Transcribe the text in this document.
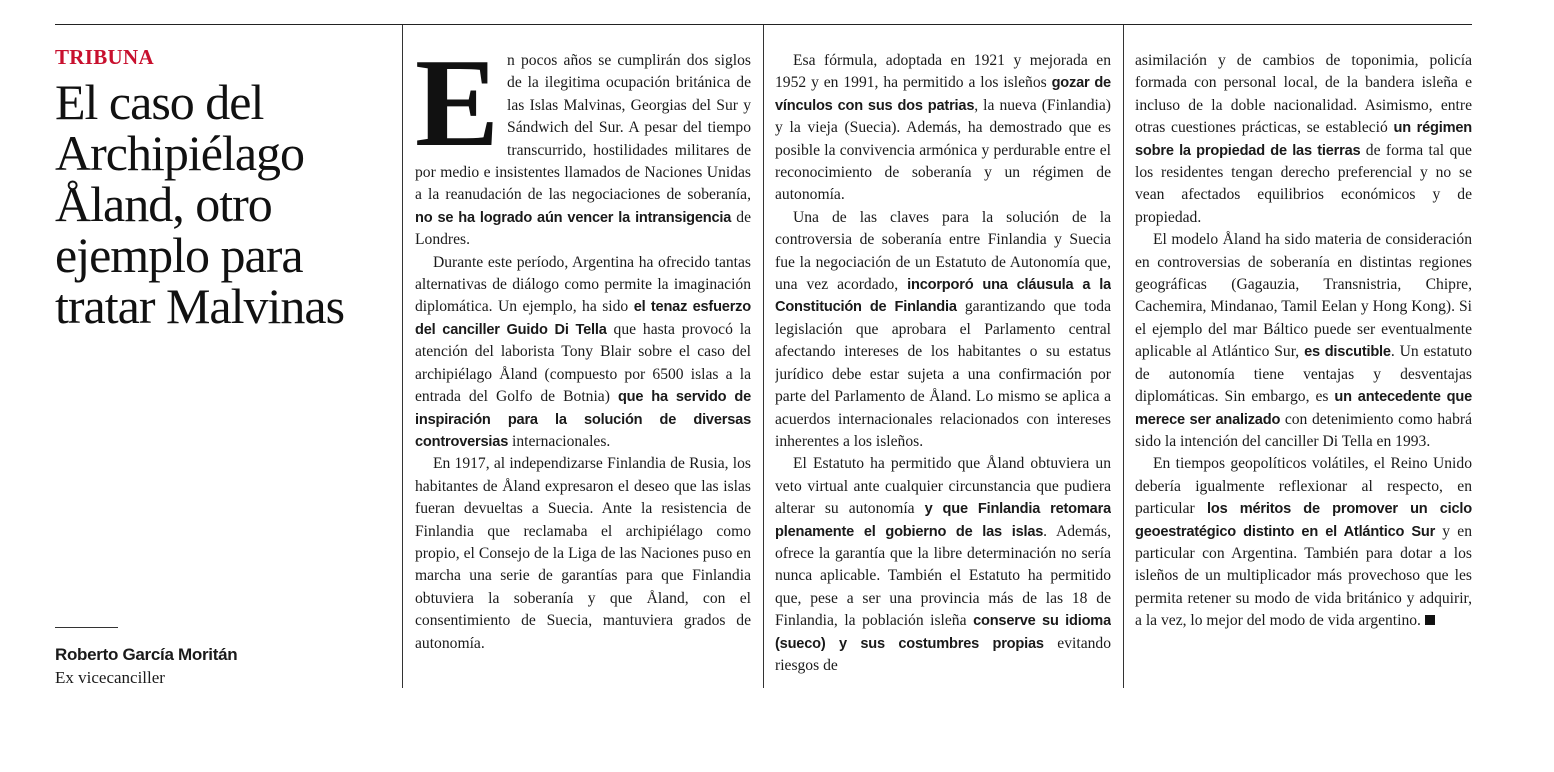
TRIBUNA
El caso del Archipiélago Åland, otro ejemplo para tratar Malvinas
Roberto García Moritán
Ex vicecanciller

En pocos años se cumplirán dos siglos de la ilegitima ocupación británica de las Islas Malvinas, Georgias del Sur y Sándwich del Sur. A pesar del tiempo transcurrido, hostilidades militares de por medio e insistentes llamados de Naciones Unidas a la reanudación de las negociaciones de soberanía, no se ha logrado aún vencer la intransigencia de Londres.

Durante este período, Argentina ha ofrecido tantas alternativas de diálogo como permite la imaginación diplomática. Un ejemplo, ha sido el tenaz esfuerzo del canciller Guido Di Tella que hasta provocó la atención del laborista Tony Blair sobre el caso del archipiélago Åland (compuesto por 6500 islas a la entrada del Golfo de Botnia) que ha servido de inspiración para la solución de diversas controversias internacionales.

En 1917, al independizarse Finlandia de Rusia, los habitantes de Åland expresaron el deseo que las islas fueran devueltas a Suecia. Ante la resistencia de Finlandia que reclamaba el archipiélago como propio, el Consejo de la Liga de las Naciones puso en marcha una serie de garantías para que Finlandia obtuviera la soberanía y que Åland, con el consentimiento de Suecia, mantuviera grados de autonomía.

Esa fórmula, adoptada en 1921 y mejorada en 1952 y en 1991, ha permitido a los isleños gozar de vínculos con sus dos patrias, la nueva (Finlandia) y la vieja (Suecia). Además, ha demostrado que es posible la convivencia armónica y perdurable entre el reconocimiento de soberanía y un régimen de autonomía.

Una de las claves para la solución de la controversia de soberanía entre Finlandia y Suecia fue la negociación de un Estatuto de Autonomía que, una vez acordado, incorporó una cláusula a la Constitución de Finlandia garantizando que toda legislación que aprobara el Parlamento central afectando intereses de los habitantes o su estatus jurídico debe estar sujeta a una confirmación por parte del Parlamento de Åland. Lo mismo se aplica a acuerdos internacionales relacionados con intereses inherentes a los isleños.

El Estatuto ha permitido que Åland obtuviera un veto virtual ante cualquier circunstancia que pudiera alterar su autonomía y que Finlandia retomara plenamente el gobierno de las islas. Además, ofrece la garantía que la libre determinación no sería nunca aplicable. También el Estatuto ha permitido que, pese a ser una provincia más de las 18 de Finlandia, la población isleña conserve su idioma (sueco) y sus costumbres propias evitando riesgos de

asimilación y de cambios de toponimia, policía formada con personal local, de la bandera isleña e incluso de la doble nacionalidad. Asimismo, entre otras cuestiones prácticas, se estableció un régimen sobre la propiedad de las tierras de forma tal que los residentes tengan derecho preferencial y no se vean afectados equilibrios económicos y de propiedad.

El modelo Åland ha sido materia de consideración en controversias de soberanía en distintas regiones geográficas (Gagauzia, Transnistria, Chipre, Cachemira, Mindanao, Tamil Eelan y Hong Kong). Si el ejemplo del mar Báltico puede ser eventualmente aplicable al Atlántico Sur, es discutible. Un estatuto de autonomía tiene ventajas y desventajas diplomáticas. Sin embargo, es un antecedente que merece ser analizado con detenimiento como habrá sido la intención del canciller Di Tella en 1993.

En tiempos geopolíticos volátiles, el Reino Unido debería igualmente reflexionar al respecto, en particular los méritos de promover un ciclo geoestratégico distinto en el Atlántico Sur y en particular con Argentina. También para dotar a los isleños de un multiplicador más provechoso que les permita retener su modo de vida británico y adquirir, a la vez, lo mejor del modo de vida argentino.
